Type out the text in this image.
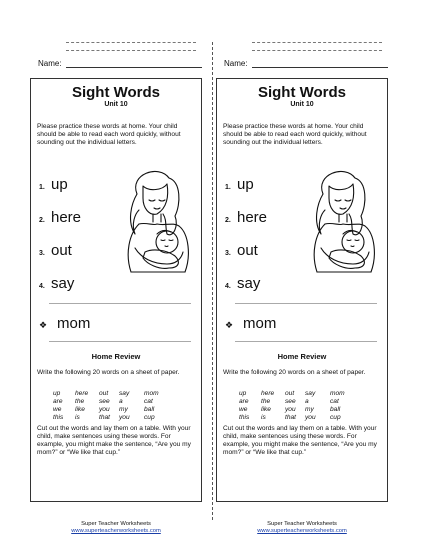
Name:
Sight Words
Unit 10
Please practice these words at home. Your child should be able to read each word quickly, without sounding out the individual letters.
1. up
2. here
3. out
4. say
❖ mom
Home Review
Write the following 20 words on a sheet of paper.
up	here	out	say	mom
are	the	see	a	cat
we	like	you	my	ball
this	is	that	you	cup
Cut out the words and lay them on a table. With your child, make sentences using these words. For example, you might make the sentence, “Are you my mom?” or “We like that cup.”
Super Teacher Worksheets
www.superteacherworksheets.com
Name:
Sight Words
Unit 10
Please practice these words at home. Your child should be able to read each word quickly, without sounding out the individual letters.
1. up
2. here
3. out
4. say
❖ mom
Home Review
Write the following 20 words on a sheet of paper.
up	here	out	say	mom
are	the	see	a	cat
we	like	you	my	ball
this	is	that	you	cup
Cut out the words and lay them on a table. With your child, make sentences using these words. For example, you might make the sentence, “Are you my mom?” or “We like that cup.”
Super Teacher Worksheets
www.superteacherworksheets.com
